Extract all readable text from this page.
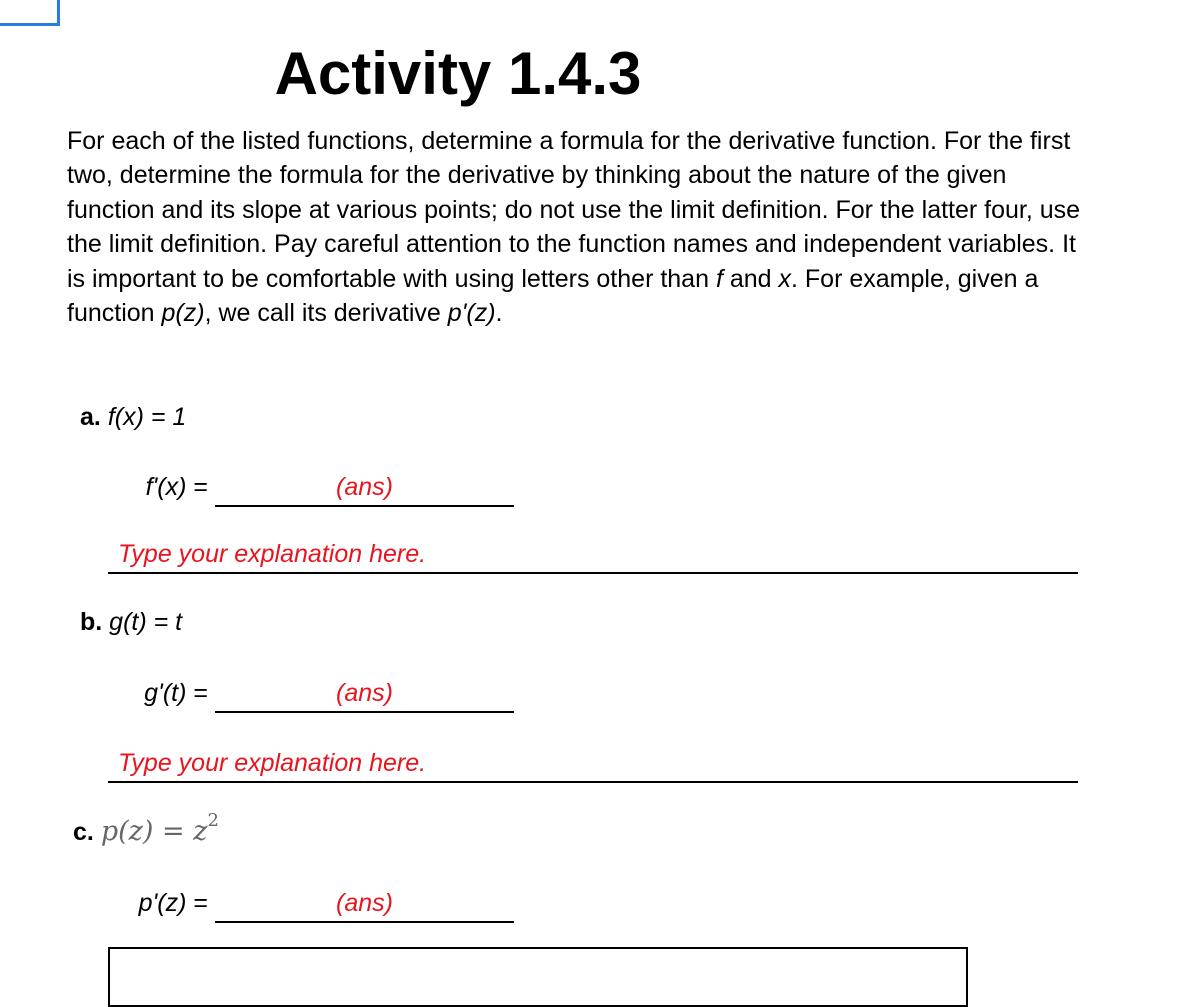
Activity 1.4.3

For each of the listed functions, determine a formula for the derivative function. For the first two, determine the formula for the derivative by thinking about the nature of the given function and its slope at various points; do not use the limit definition. For the latter four, use the limit definition. Pay careful attention to the function names and independent variables. It is important to be comfortable with using letters other than f and x. For example, given a function p(z), we call its derivative p'(z).

a. f(x) = 1
f'(x) =	(ans)
Type your explanation here.
b. g(t) = t
g'(t) =	(ans)
Type your explanation here.
c. $p(z) = z^2$
p'(z) =	(ans)
